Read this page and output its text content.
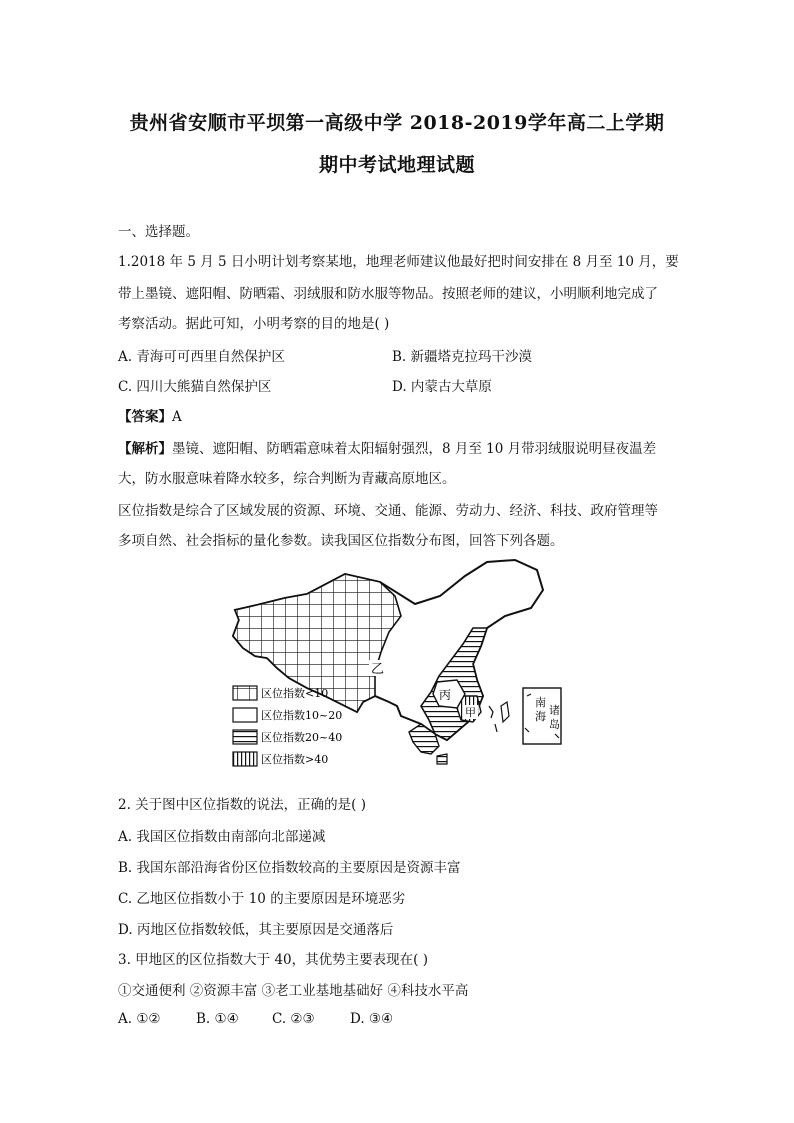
贵州省安顺市平坝第一高级中学 2018-2019学年高二上学期
期中考试地理试题
一、选择题。
1.2018 年 5 月 5 日小明计划考察某地，地理老师建议他最好把时间安排在 8 月至 10 月，要
带上墨镜、遮阳帽、防晒霜、羽绒服和防水服等物品。按照老师的建议，小明顺利地完成了
考察活动。据此可知，小明考察的目的地是( )
A. 青海可可西里自然保护区	B. 新疆塔克拉玛干沙漠
C. 四川大熊猫自然保护区	D. 内蒙古大草原
【答案】A
【解析】墨镜、遮阳帽、防晒霜意味着太阳辐射强烈，8 月至 10 月带羽绒服说明昼夜温差
大，防水服意味着降水较多，综合判断为青藏高原地区。
区位指数是综合了区域发展的资源、环境、交通、能源、劳动力、经济、科技、政府管理等
多项自然、社会指标的量化参数。读我国区位指数分布图，回答下列各题。
区位指数<10
区位指数10~20
区位指数20~40
区位指数>40
乙
丙
甲
南海 诸岛
2. 关于图中区位指数的说法，正确的是( )
A. 我国区位指数由南部向北部递减
B. 我国东部沿海省份区位指数较高的主要原因是资源丰富
C. 乙地区位指数小于 10 的主要原因是环境恶劣
D. 丙地区位指数较低，其主要原因是交通落后
3. 甲地区的区位指数大于 40，其优势主要表现在( )
①交通便利 ②资源丰富 ③老工业基地基础好 ④科技水平高
A. ①②	B. ①④ C. ②③	D. ③④
